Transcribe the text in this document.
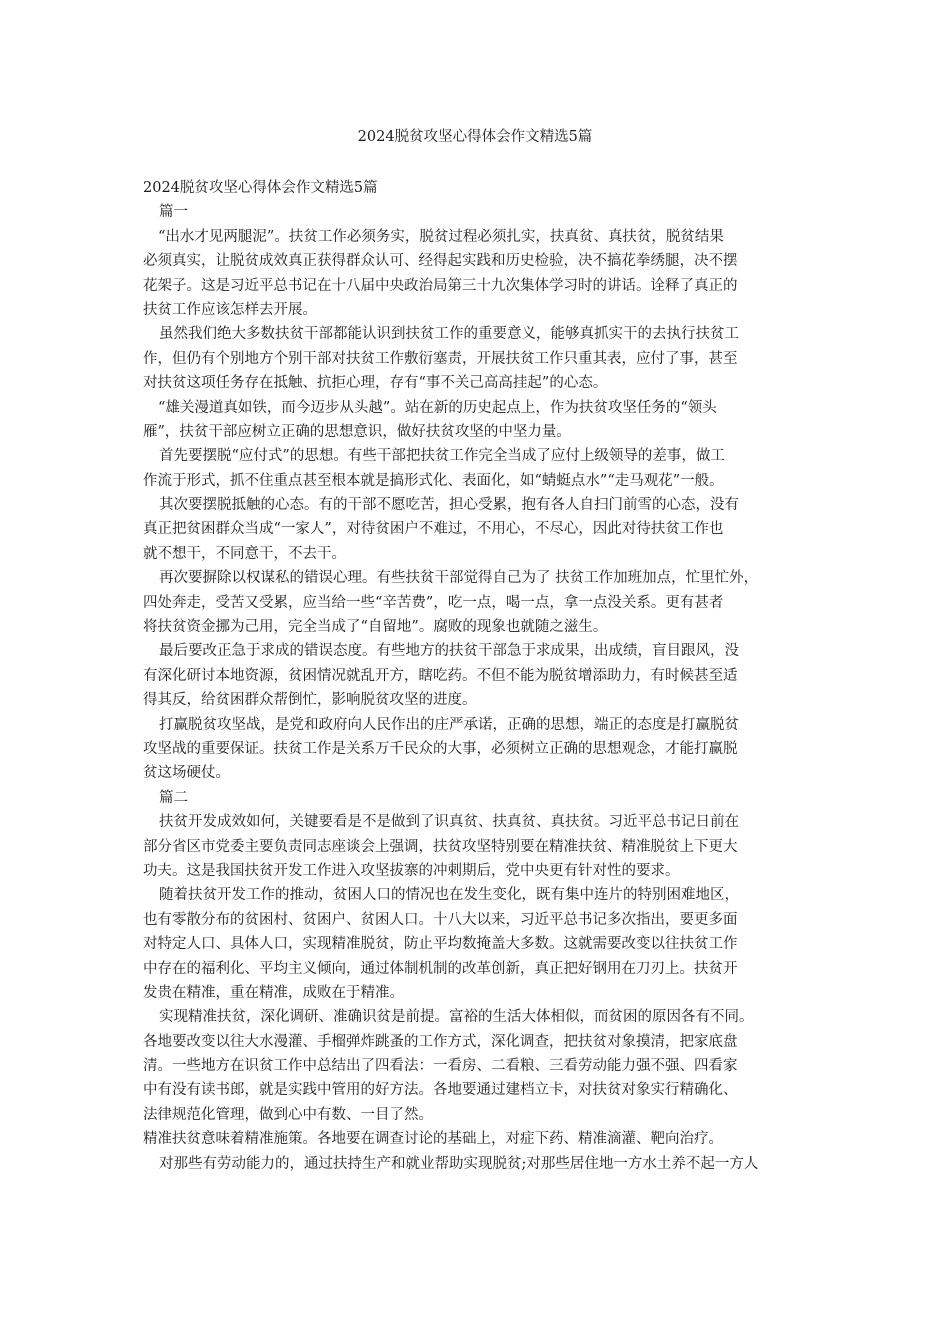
2024脱贫攻坚心得体会作文精选5篇
2024脱贫攻坚心得体会作文精选5篇
篇一
“出水才见两腿泥”。扶贫工作必须务实，脱贫过程必须扎实，扶真贫、真扶贫，脱贫结果
必须真实，让脱贫成效真正获得群众认可、经得起实践和历史检验，决不搞花拳绣腿，决不摆
花架子。这是习近平总书记在十八届中央政治局第三十九次集体学习时的讲话。诠释了真正的
扶贫工作应该怎样去开展。
虽然我们绝大多数扶贫干部都能认识到扶贫工作的重要意义，能够真抓实干的去执行扶贫工
作，但仍有个别地方个别干部对扶贫工作敷衍塞责，开展扶贫工作只重其表，应付了事，甚至
对扶贫这项任务存在抵触、抗拒心理，存有“事不关己高高挂起”的心态。
“雄关漫道真如铁，而今迈步从头越”。站在新的历史起点上，作为扶贫攻坚任务的“领头
雁”，扶贫干部应树立正确的思想意识，做好扶贫攻坚的中坚力量。
首先要摆脱“应付式”的思想。有些干部把扶贫工作完全当成了应付上级领导的差事，做工
作流于形式，抓不住重点甚至根本就是搞形式化、表面化，如“蜻蜓点水”“走马观花”一般。
其次要摆脱抵触的心态。有的干部不愿吃苦，担心受累，抱有各人自扫门前雪的心态，没有
真正把贫困群众当成“一家人”，对待贫困户不难过，不用心，不尽心，因此对待扶贫工作也
就不想干，不同意干，不去干。
再次要摒除以权谋私的错误心理。有些扶贫干部觉得自己为了 扶贫工作加班加点，忙里忙外，
四处奔走，受苦又受累，应当给一些“辛苦费”，吃一点，喝一点，拿一点没关系。更有甚者
将扶贫资金挪为己用，完全当成了“自留地”。腐败的现象也就随之滋生。
最后要改正急于求成的错误态度。有些地方的扶贫干部急于求成果，出成绩，盲目跟风，没
有深化研讨本地资源，贫困情况就乱开方，瞎吃药。不但不能为脱贫增添助力，有时候甚至适
得其反，给贫困群众帮倒忙，影响脱贫攻坚的进度。
打赢脱贫攻坚战，是党和政府向人民作出的庄严承诺，正确的思想，端正的态度是打赢脱贫
攻坚战的重要保证。扶贫工作是关系万千民众的大事，必须树立正确的思想观念，才能打赢脱
贫这场硬仗。
篇二
扶贫开发成效如何，关键要看是不是做到了识真贫、扶真贫、真扶贫。习近平总书记日前在
部分省区市党委主要负责同志座谈会上强调，扶贫攻坚特别要在精准扶贫、精准脱贫上下更大
功夫。这是我国扶贫开发工作进入攻坚拔寨的冲刺期后，党中央更有针对性的要求。
随着扶贫开发工作的推动，贫困人口的情况也在发生变化，既有集中连片的特别困难地区，
也有零散分布的贫困村、贫困户、贫困人口。十八大以来，习近平总书记多次指出，要更多面
对特定人口、具体人口，实现精准脱贫，防止平均数掩盖大多数。这就需要改变以往扶贫工作
中存在的福利化、平均主义倾向，通过体制机制的改革创新，真正把好钢用在刀刃上。扶贫开
发贵在精准，重在精准，成败在于精准。
实现精准扶贫，深化调研、准确识贫是前提。富裕的生活大体相似，而贫困的原因各有不同。
各地要改变以往大水漫灌、手榴弹炸跳蚤的工作方式，深化调查，把扶贫对象摸清，把家底盘
清。一些地方在识贫工作中总结出了四看法：一看房、二看粮、三看劳动能力强不强、四看家
中有没有读书郎，就是实践中管用的好方法。各地要通过建档立卡，对扶贫对象实行精确化、
法律规范化管理，做到心中有数、一目了然。
精准扶贫意味着精准施策。各地要在调查讨论的基础上，对症下药、精准滴灌、靶向治疗。
对那些有劳动能力的，通过扶持生产和就业帮助实现脱贫;对那些居住地一方水土养不起一方人
